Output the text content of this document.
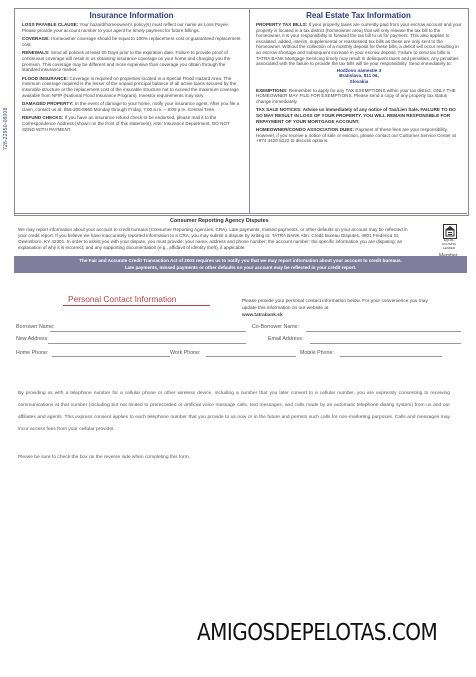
728-22950-08008
Insurance Information

LOSS PAYABLE CLAUSE: Your hazard/homeowner's policy(s) must reflect our name as Loss Payee. Please provide your account number to your agent for timely payment for future billings.

COVERAGE: Homeowner coverage should be equal to 100% replacement cost or guaranteed replacement cost.

RENEWALS: Send all policies at least 30 Days prior to the expiration date. Failure to provide proof of continuous coverage will result in us obtaining insurance coverage on your home and charging you the premium. This coverage may be different and more expensive than coverage you obtain through the standard insurance market.

FLOOD INSURANCE: Coverage is required on properties located in a Special Flood Hazard Area. The minimum coverage required is the lesser of the unpaid principal balance of all active loans secured by the insurable structure or the replacement cost of the insurable structure not to exceed the maximum coverage available from NFIP (National Flood Insurance Program). Investor requirements may vary.

DAMAGED PROPERTY: In the event of damage to your home, notify your insurance agent. After you file a claim, contact us at: 855-205-8660 Monday through Friday, 7:00 a.m. – 8:00 p.m. Central Time.

REFUND CHECKS: If you have an insurance refund check to be endorsed, please mail it to the Correspondence Address (shown on the front of this statement), Attn: Insurance Department. DO NOT SEND WITH PAYMENT.

Real Estate Tax Information

PROPERTY TAX BILLS: If your property taxes are currently paid from your escrow account and your property is located in a tax district (homeowner area) that will only release the tax bill to the homeowner, it is your responsibility to forward the tax bill to us for payment. This also applies to escalated, added, interim, supplemental or reassessed tax bills as these are only sent to the homeowner. Without the collection of a monthly deposit for these bills, a deficit will occur resulting in an escrow shortage and subsequent increase in your escrow deposit. Failure to send tax bills to TATRA BANK Mortgage Servicing timely may result in delinquent taxes and penalties. Any penalties associated with the failure to provide the tax bills will be your responsibility. Send immediately to:

Hodžovo námestie 3
Bratislava, 811 06,
Slovakia

EXEMPTIONS: Remember to apply for any TAX EXEMPTIONS within your tax district. ONLY THE HOMEOWNER MAY FILE FOR EXEMPTIONS. Please send a copy of any property tax status change immediately.

TAX SALE NOTICES: Advise us immediately of any notice of Tax/Lien Sale. FAILURE TO DO SO MAY RESULT IN LOSS OF YOUR PROPERTY. YOU WILL REMAIN RESPONSIBLE FOR REPAYMENT OF YOUR MORTGAGE ACCOUNT.

HOMEOWNER/CONDO ASSOCIATION DUES: Payment of these fees are your responsibility. However, if you receive a notice of sale or eviction, please contact our Customer Service Center at +974 4420 5222 to discuss options.

Consumer Reporting Agency Disputes
We may report information about your account to credit bureaus (Consumer Reporting Agencies, CRA). Late payments, missed payments, or other defaults on your account may be reflected in your credit report. If you believe we have inaccurately reported information to a CRA, you may submit a dispute by writing to: TATRA BANK Attn: Credit Bureau Disputes, 4801 Frederica St, Owensboro, KY 42301. In order to assist you with your dispute, you must provide: your name, address and phone number; the account number; the specific information you are disputing; an explanation of why it is incorrect; and any supporting documentation (e.g., affidavit of identity theft), if applicable.
EQUAL HOUSING LENDER
The Fair and Accurate Credit Transaction Act of 2003 requires us to notify you that we may report information about your account to credit bureaus.
Late payments, missed payments or other defaults on your account may be reflected in your credit report.
Personal Contact Information	Please provide your personal contact information below. For your convenience you may update this information on our website at
www.tatrabank.sk
Borrower Name:	Co-Borrower Name:
New Address:	Email Address:
Home Phone:	Work Phone:	Mobile Phone:
By providing us with a telephone number for a cellular phone or other wireless device, including a number that you later convert to a cellular number, you are expressly consenting to receiving communications at that number (including but not limited to prerecorded or artificial voice message calls, text messages, and calls made by an automatic telephone dialing system) from us and our affiliates and agents. This express consent applies to each telephone number that you provide to us now or in the future and permits such calls for non-marketing purposes. Calls and messages may incur access fees from your cellular provider.
Please be sure to check the box on the reverse side when completing this form.
AMIGOSDEPELOTAS.COM
